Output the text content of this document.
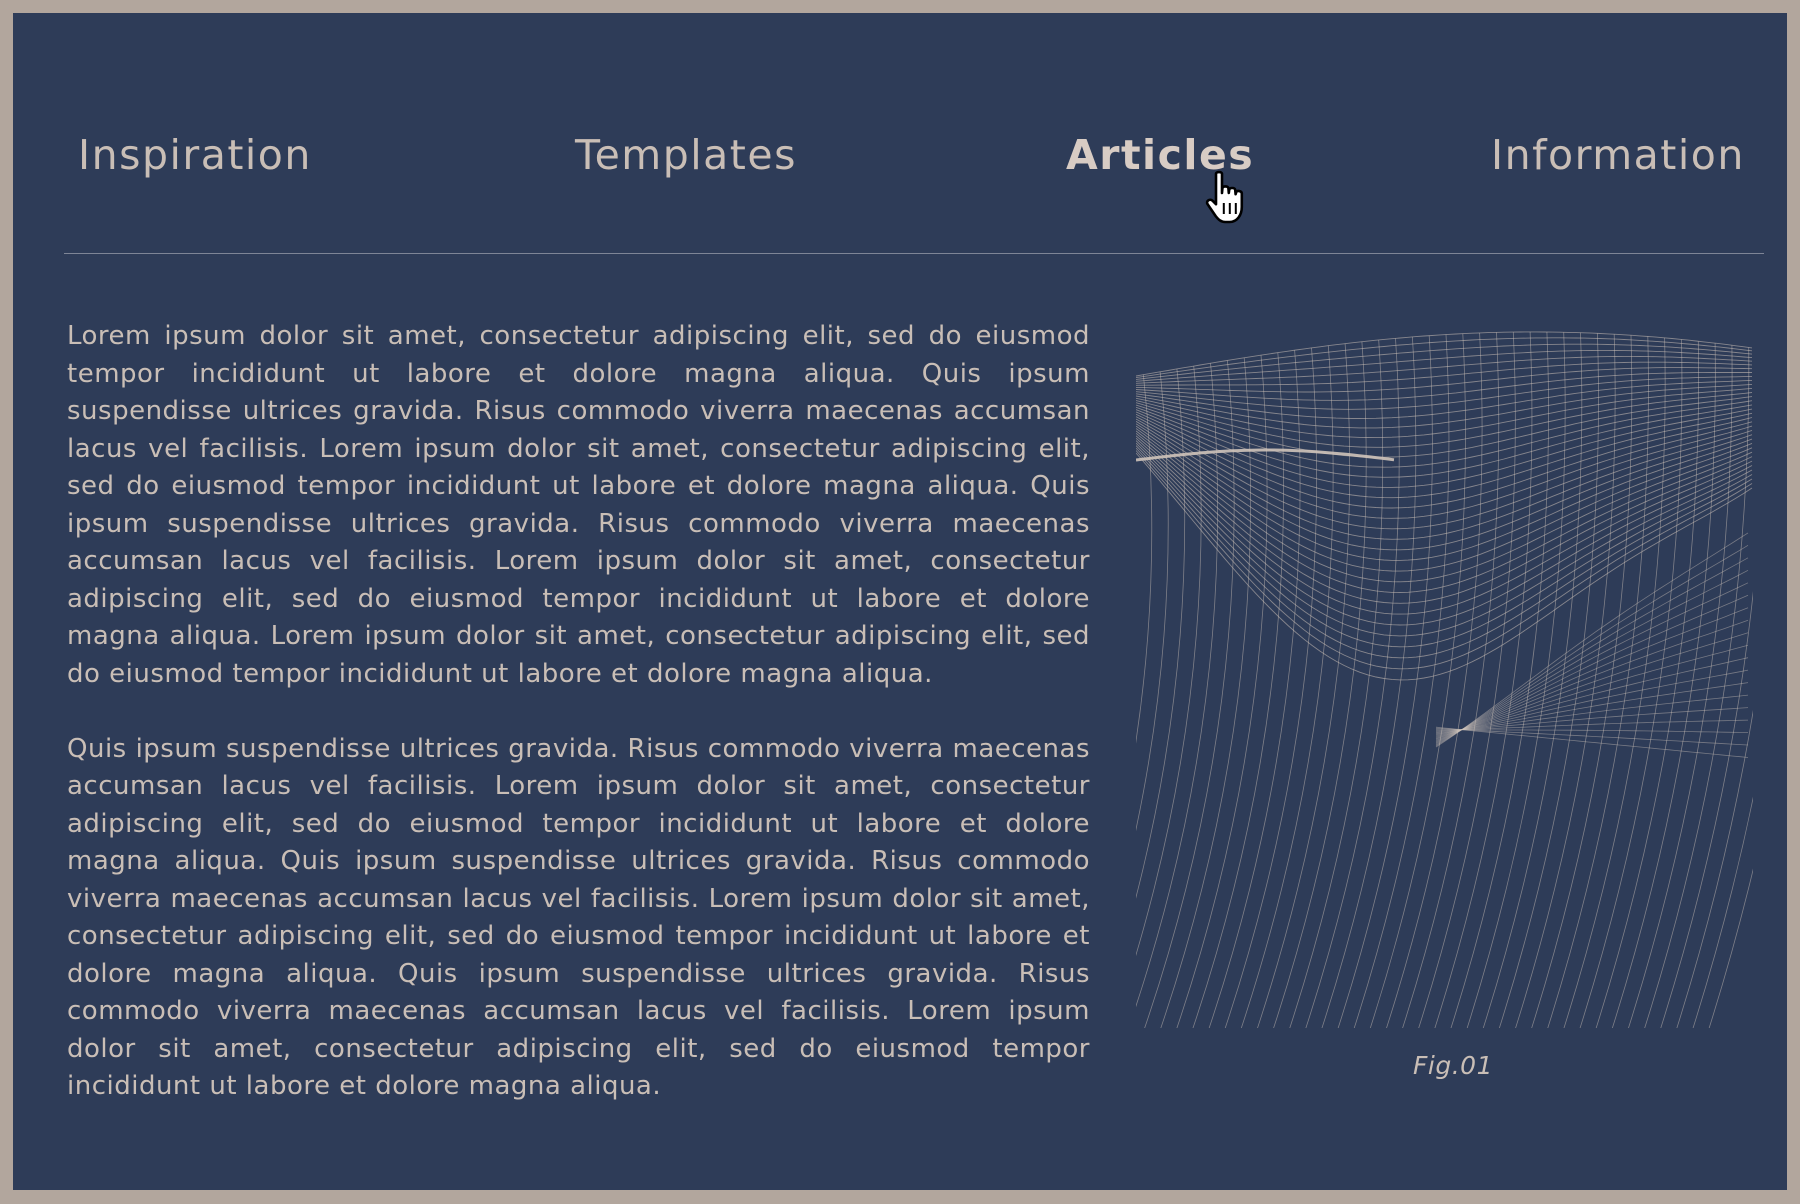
Inspiration	Templates	Articles	Information

Lorem ipsum dolor sit amet, consectetur adipiscing elit, sed do eiusmod tempor incididunt ut labore et dolore magna aliqua. Quis ipsum suspendisse ultrices gravida. Risus commodo viverra maecenas accumsan lacus vel facilisis. Lorem ipsum dolor sit amet, consectetur adipiscing elit, sed do eiusmod tempor incididunt ut labore et dolore magna aliqua. Quis ipsum suspendisse ultrices gravida. Risus commodo viverra maecenas accumsan lacus vel facilisis. Lorem ipsum dolor sit amet, consectetur adipiscing elit, sed do eiusmod tempor incididunt ut labore et dolore magna aliqua. Lorem ipsum dolor sit amet, consectetur adipiscing elit, sed do eiusmod tempor incididunt ut labore et dolore magna aliqua.

Quis ipsum suspendisse ultrices gravida. Risus commodo viverra maecenas accumsan lacus vel facilisis. Lorem ipsum dolor sit amet, consectetur adipiscing elit, sed do eiusmod tempor incididunt ut labore et dolore magna aliqua. Quis ipsum suspendisse ultrices gravida. Risus commodo viverra maecenas accumsan lacus vel facilisis. Lorem ipsum dolor sit amet, consectetur adipiscing elit, sed do eiusmod tempor incididunt ut labore et dolore magna aliqua. Quis ipsum suspendisse ultrices gravida. Risus commodo viverra maecenas accumsan lacus vel facilisis. Lorem ipsum dolor sit amet, consectetur adipiscing elit, sed do eiusmod tempor incididunt ut labore et dolore magna aliqua.

Fig.01
